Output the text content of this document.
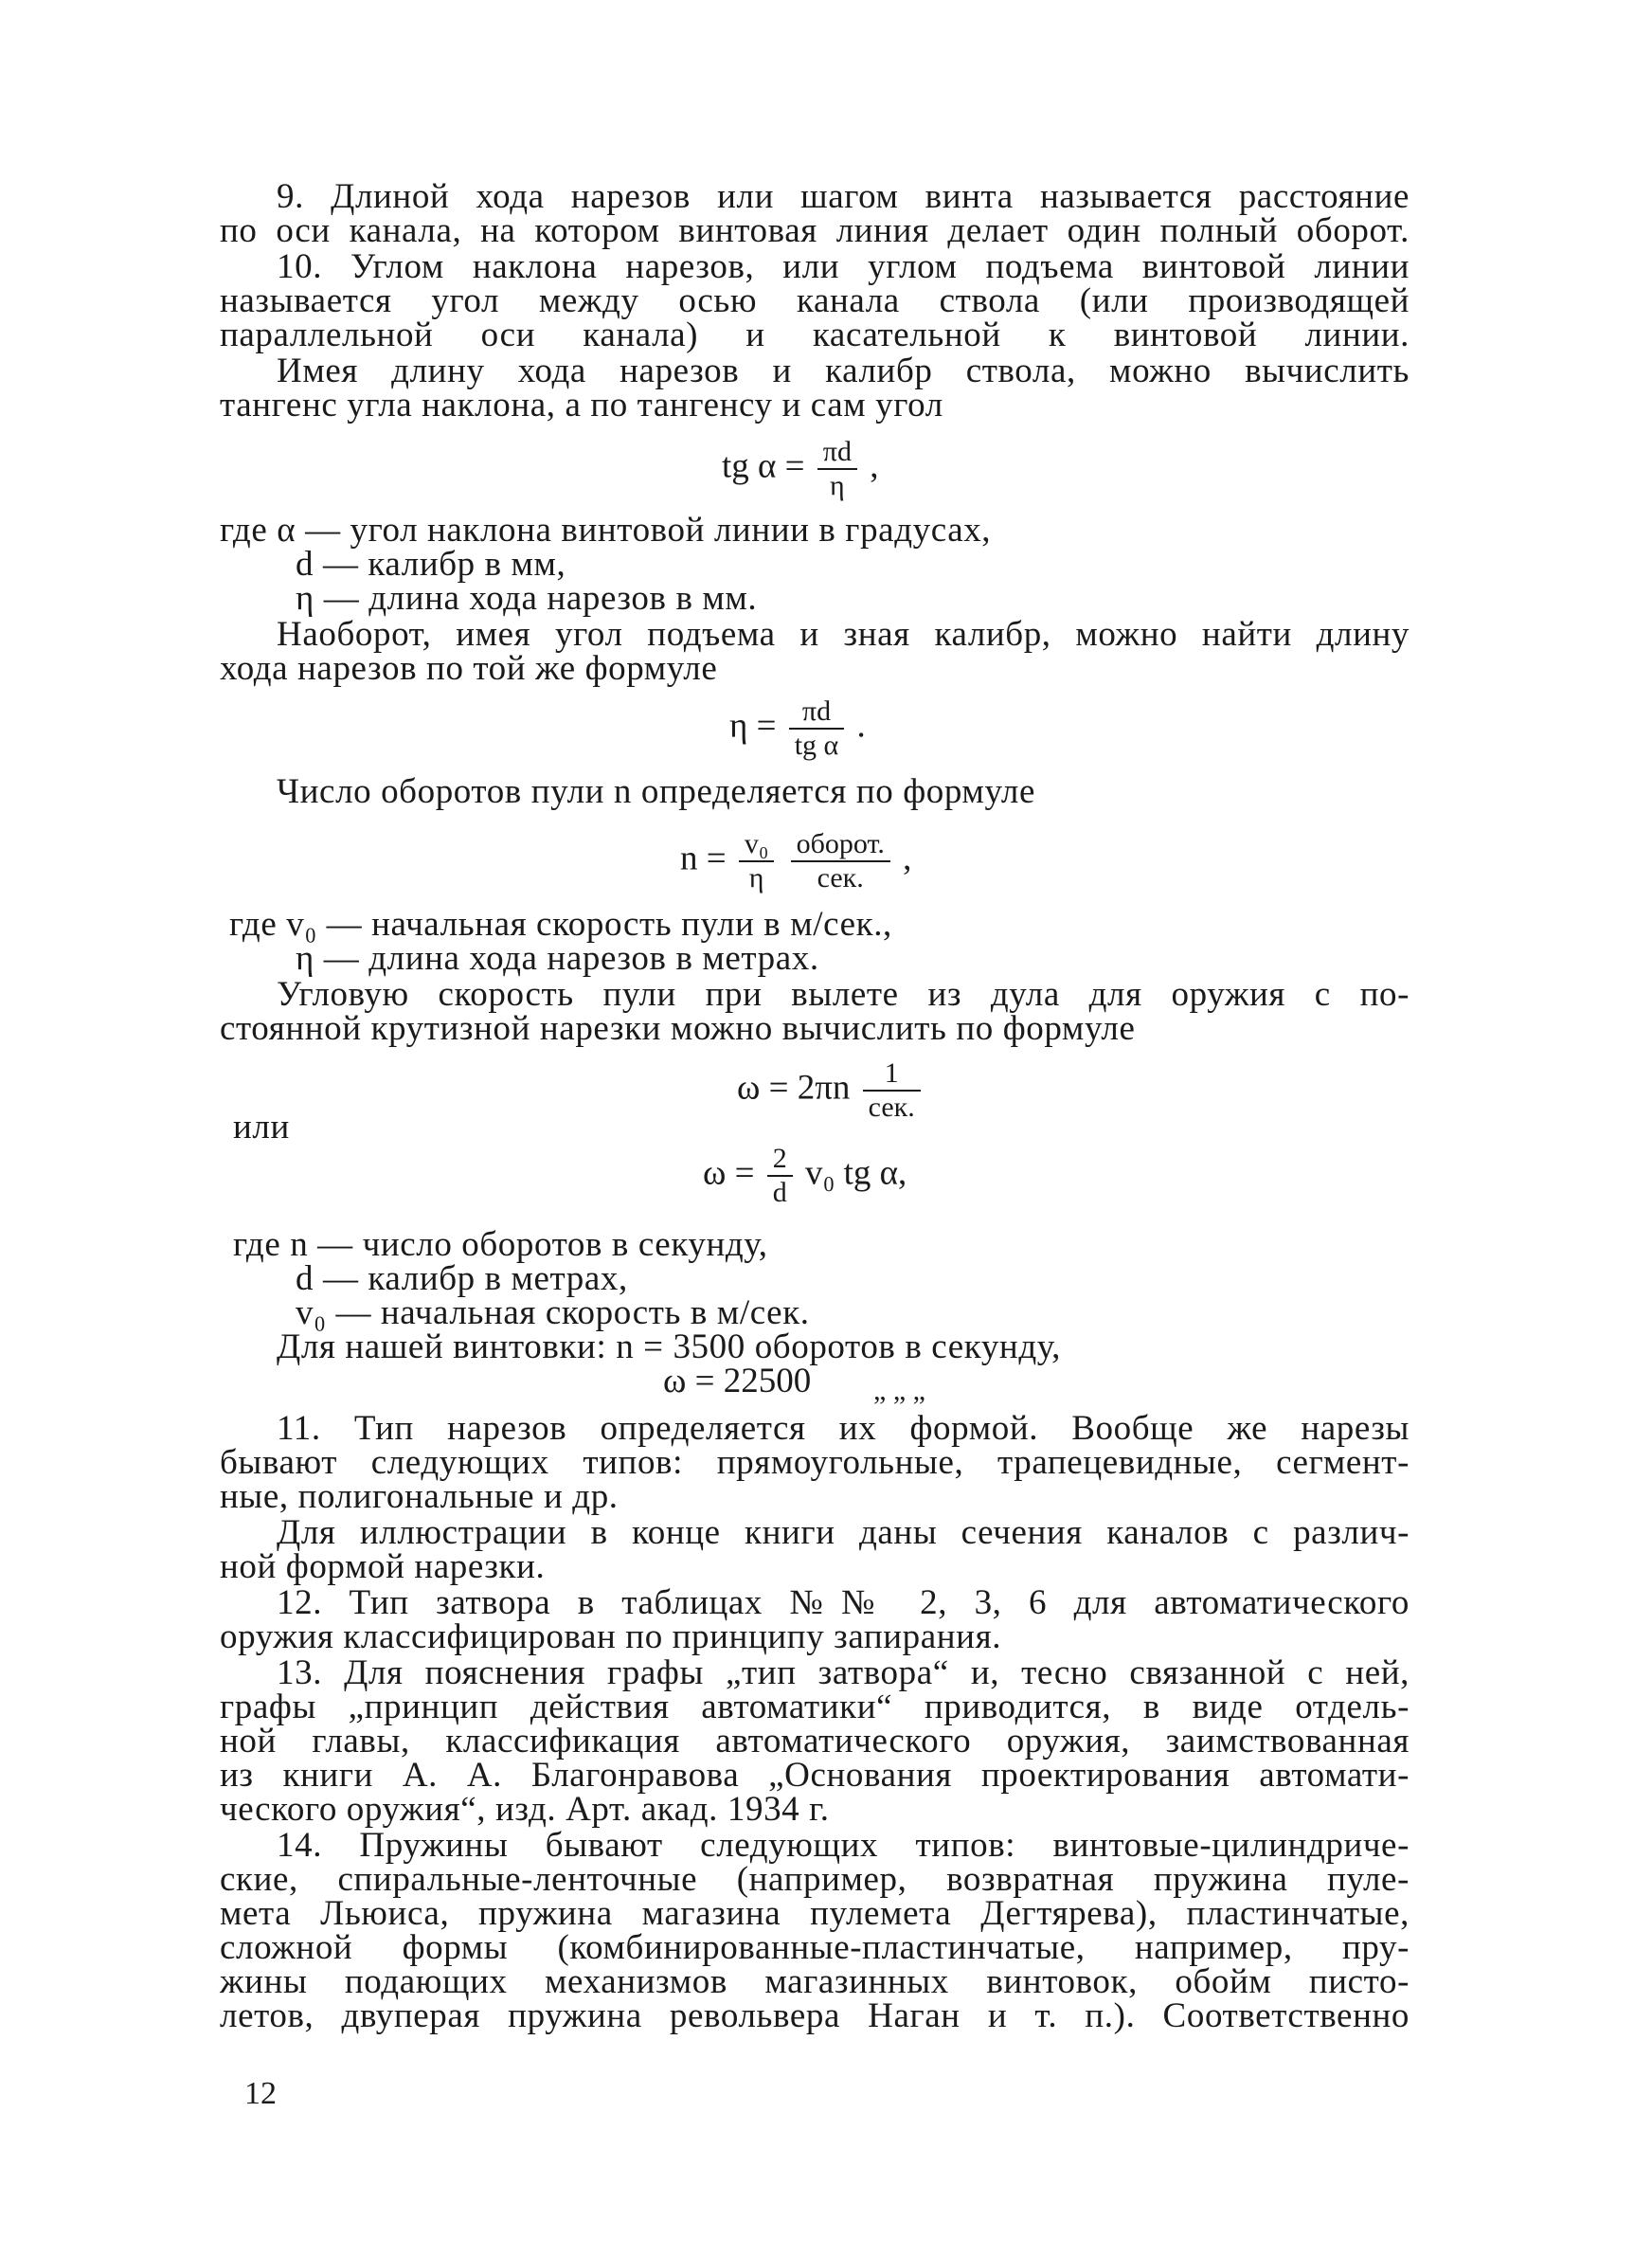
9. Длиной хода нарезов или шагом винта называется расстояние
по оси канала, на котором винтовая линия делает один полный оборот.
10. Углом наклона нарезов, или углом подъема винтовой линии
называется угол между осью канала ствола (или производящей
параллельной оси канала) и касательной к винтовой линии.
Имея длину хода нарезов и калибр ствола, можно вычислить
тангенс угла наклона, а по тангенсу и сам угол
tg $\alpha = \frac{\pi d}{\eta}$ ,
где α — угол наклона винтовой линии в градусах,
d — калибр в мм,
η — длина хода нарезов в мм.
Наоборот, имея угол подъема и зная калибр, можно найти длину
хода нарезов по той же формуле
$\eta = \frac{\pi d}{\text{tg α}}$ .
Число оборотов пули n определяется по формуле
$n = \frac{\text{v₀}}{\eta}$
$\frac{\text{оборот.}}{\text{сек.}}$ ,
где v₀ — начальная скорость пули в м/сек.,
η — длина хода нарезов в метрах.
Угловую скорость пули при вылете из дула для оружия с по-
стоянной крутизной нарезки можно вычислить по формуле
$\omega = 2\pi n \frac{1}{\text{сек.}}$
или
$\omega = \frac{2}{d} v_0$ tg α,
где n — число оборотов в секунду,
d — калибр в метрах,
v₀ — начальная скорость в м/сек.
Для нашей винтовки: n = 3500 оборотов в секунду,
ω = 22500 „ „ „
11. Тип нарезов определяется их формой. Вообще же нарезы
бывают следующих типов: прямоугольные, трапецевидные, сегмент-
ные, полигональные и др.
Для иллюстрации в конце книги даны сечения каналов с различ-
ной формой нарезки.
12. Тип затвора в таблицах №№ 2, 3, 6 для автоматического
оружия классифицирован по принципу запирания.
13. Для пояснения графы „тип затвора“ и, тесно связанной с ней,
графы „принцип действия автоматики“ приводится, в виде отдель-
ной главы, классификация автоматического оружия, заимствованная
из книги А. А. Благонравова „Основания проектирования автомати-
ческого оружия“, изд. Арт. акад. 1934 г.
14. Пружины бывают следующих типов: винтовые-цилиндриче-
ские, спиральные-ленточные (например, возвратная пружина пуле-
мета Льюиса, пружина магазина пулемета Дегтярева), пластинчатые,
сложной формы (комбинированные-пластинчатые, например, пру-
жины подающих механизмов магазинных винтовок, обойм писто-
летов, двуперая пружина револьвера Наган и т. п.). Соответственно
12
